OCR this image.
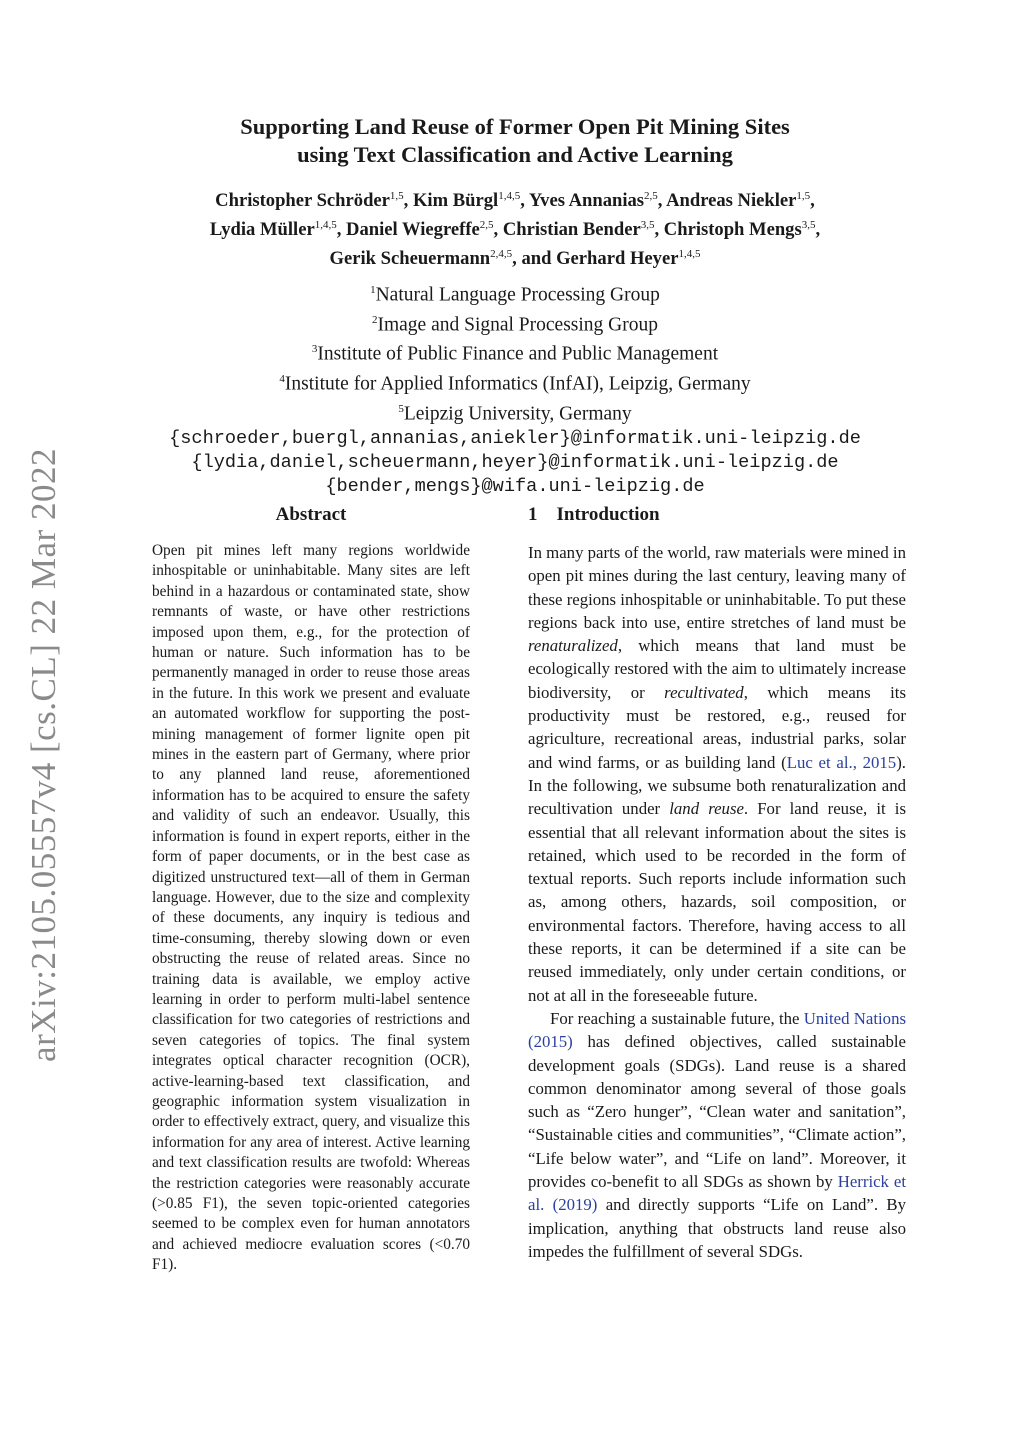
arXiv:2105.05557v4 [cs.CL] 22 Mar 2022
Supporting Land Reuse of Former Open Pit Mining Sites
using Text Classification and Active Learning
Christopher Schröder$^{1,5}$, Kim Bürgl$^{1,4,5}$, Yves Annanias$^{2,5}$, Andreas Niekler$^{1,5}$,
Lydia Müller$^{1,4,5}$, Daniel Wiegreffe$^{2,5}$, Christian Bender$^{3,5}$, Christoph Mengs$^{3,5}$,
Gerik Scheuermann$^{2,4,5}$, and Gerhard Heyer$^{1,4,5}$
$^1$Natural Language Processing Group
$^2$Image and Signal Processing Group
$^3$Institute of Public Finance and Public Management
$^4$Institute for Applied Informatics (InfAI), Leipzig, Germany
$^5$Leipzig University, Germany
{schroeder,buergl,annanias,aniekler}@informatik.uni-leipzig.de
{lydia,daniel,scheuermann,heyer}@informatik.uni-leipzig.de
{bender,mengs}@wifa.uni-leipzig.de
Abstract

Open pit mines left many regions worldwide inhospitable or uninhabitable. Many sites are left behind in a hazardous or contaminated state, show remnants of waste, or have other restrictions imposed upon them, e.g., for the protection of human or nature. Such information has to be permanently managed in order to reuse those areas in the future. In this work we present and evaluate an automated workflow for supporting the post-mining management of former lignite open pit mines in the eastern part of Germany, where prior to any planned land reuse, aforementioned information has to be acquired to ensure the safety and validity of such an endeavor. Usually, this information is found in expert reports, either in the form of paper documents, or in the best case as digitized unstructured text—all of them in German language. However, due to the size and complexity of these documents, any inquiry is tedious and time-consuming, thereby slowing down or even obstructing the reuse of related areas. Since no training data is available, we employ active learning in order to perform multi-label sentence classification for two categories of restrictions and seven categories of topics. The final system integrates optical character recognition (OCR), active-learning-based text classification, and geographic information system visualization in order to effectively extract, query, and visualize this information for any area of interest. Active learning and text classification results are twofold: Whereas the restriction categories were reasonably accurate (>0.85 F1), the seven topic-oriented categories seemed to be complex even for human annotators and achieved mediocre evaluation scores (<0.70 F1).

1 Introduction

In many parts of the world, raw materials were mined in open pit mines during the last century, leaving many of these regions inhospitable or uninhabitable. To put these regions back into use, entire stretches of land must be renaturalized, which means that land must be ecologically restored with the aim to ultimately increase biodiversity, or recultivated, which means its productivity must be restored, e.g., reused for agriculture, recreational areas, industrial parks, solar and wind farms, or as building land (Luc et al., 2015). In the following, we subsume both renaturalization and recultivation under land reuse. For land reuse, it is essential that all relevant information about the sites is retained, which used to be recorded in the form of textual reports. Such reports include information such as, among others, hazards, soil composition, or environmental factors. Therefore, having access to all these reports, it can be determined if a site can be reused immediately, only under certain conditions, or not at all in the foreseeable future.

For reaching a sustainable future, the United Nations (2015) has defined objectives, called sustainable development goals (SDGs). Land reuse is a shared common denominator among several of those goals such as “Zero hunger”, “Clean water and sanitation”, “Sustainable cities and communities”, “Climate action”, “Life below water”, and “Life on land”. Moreover, it provides co-benefit to all SDGs as shown by Herrick et al. (2019) and directly supports “Life on Land”. By implication, anything that obstructs land reuse also impedes the fulfillment of several SDGs.
